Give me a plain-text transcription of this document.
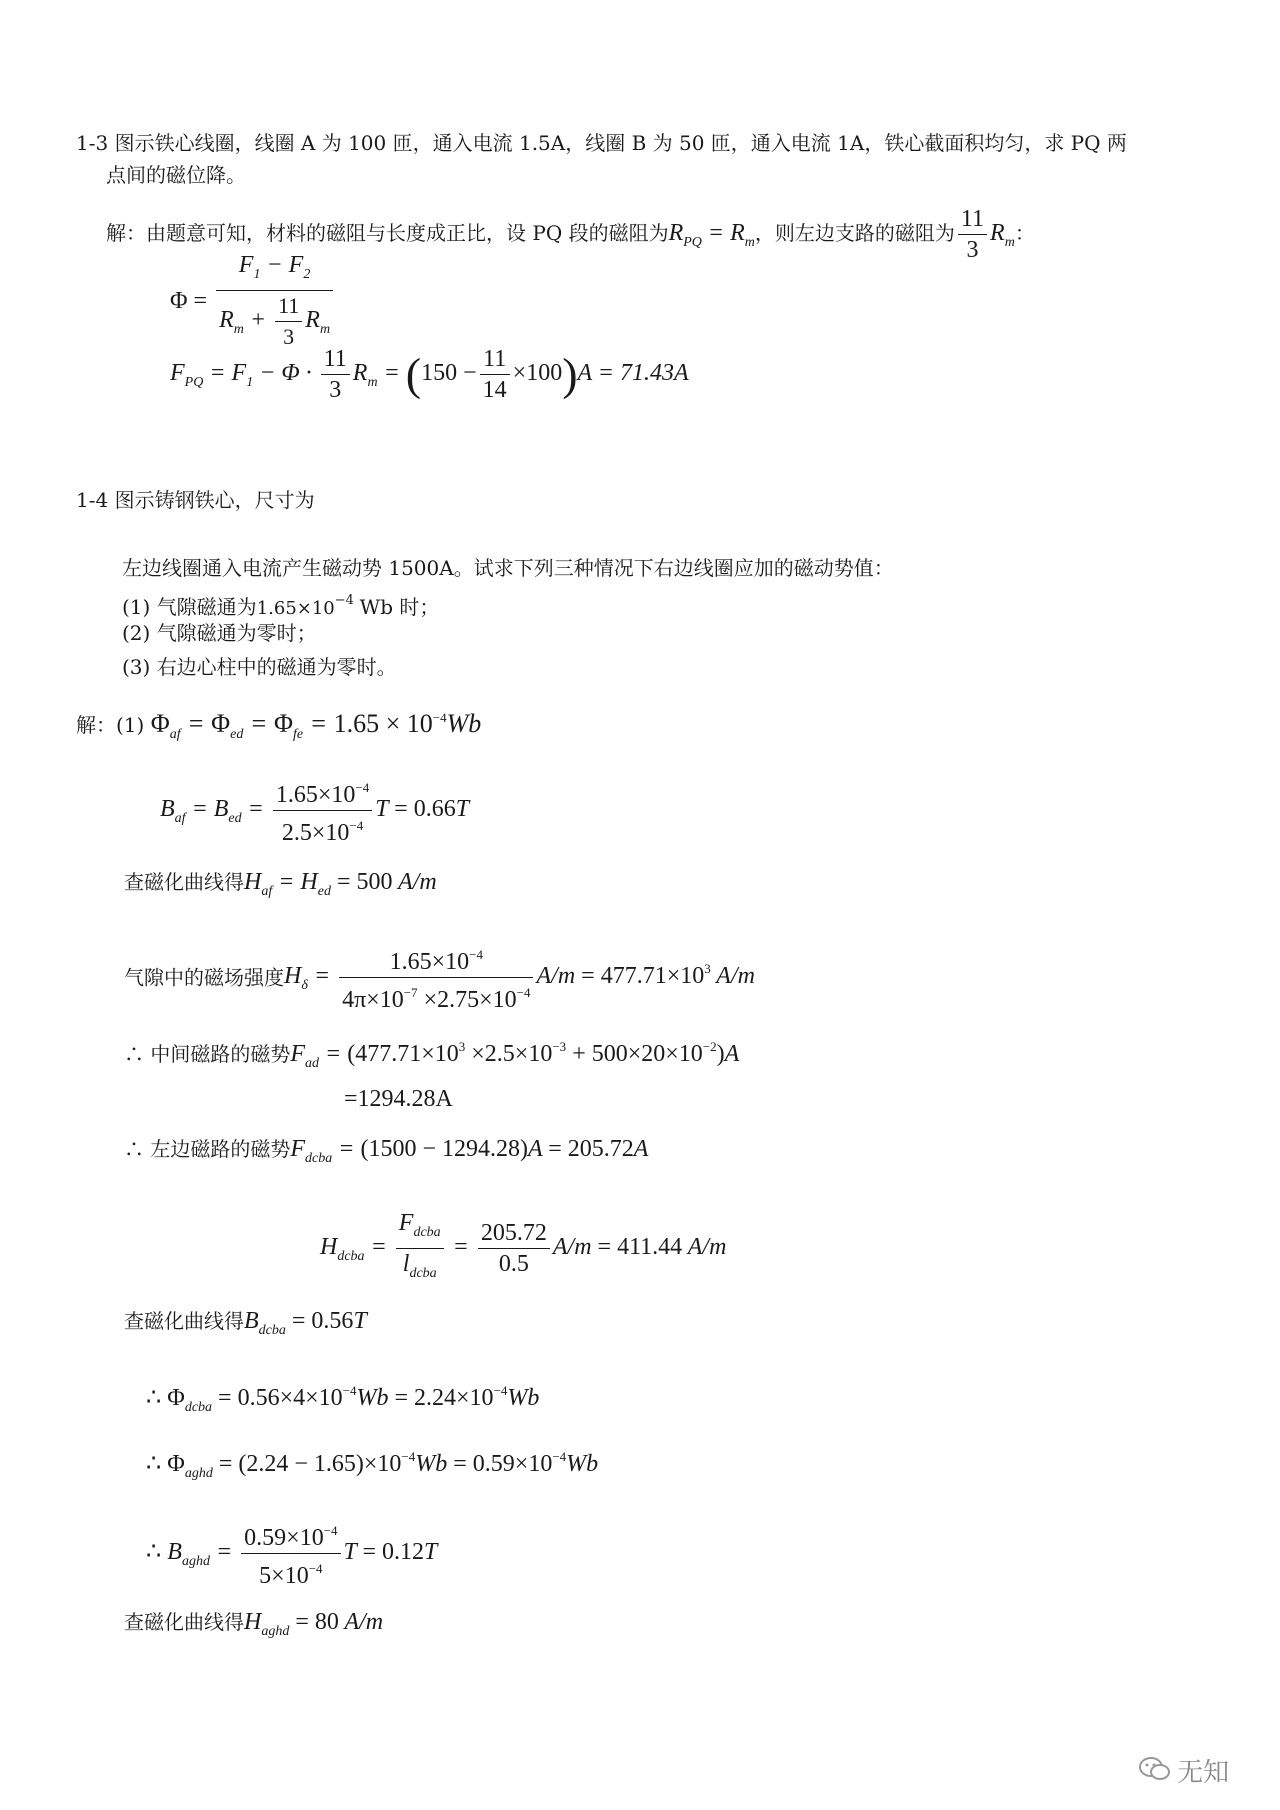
1-3 图示铁心线圈，线圈 A 为 100 匝，通入电流 1.5A，线圈 B 为 50 匝，通入电流 1A，铁心截面积均匀，求 PQ 两
点间的磁位降。
解：由题意可知，材料的磁阻与长度成正比，设 PQ 段的磁阻为$R_{PQ} = R_m$，则左边支路的磁阻为 $\frac{11}{3} R_m$：
$\Phi = \frac{F_1 - F_2}{R_m + \frac{11}{3} R_m}$
$F_{PQ} = F_1 - \Phi \cdot \frac{11}{3} R_m = (150 - \frac{11}{14} \times 100)A = 71.43A$
1-4 图示铸钢铁心，尺寸为
左边线圈通入电流产生磁动势 1500A。试求下列三种情况下右边线圈应加的磁动势值：
(1) 气隙磁通为$1.65\times 10^{-4}$ Wb 时；
(2) 气隙磁通为零时；
(3) 右边心柱中的磁通为零时。
解：(1) $\Phi_{af} = \Phi_{ed} = \Phi_{fe} = 1.65 \times 10^{-4}Wb$
$B_{af} = B_{ed} = \frac{1.65\times 10^{-4}}{2.5\times 10^{-4}}$ T = 0.66T
查磁化曲线得$H_{af} = H_{ed} = 500$ A/m
气隙中的磁场强度$H_\delta = \frac{1.65\times 10^{-4}}{4\pi\times 10^{-7} \times 2.75\times 10^{-4}} A/m = 477.71\times 10^3$ A/m
∴ 中间磁路的磁势$F_{ad} = (477.71\times 10^3 \times 2.5\times 10^{-3} + 500\times 20\times 10^{-2})A$
=1294.28A
∴ 左边磁路的磁势$F_{dcba} = (1500 - 1294.28)A = 205.72A$
$H_{dcba} = \frac{F_{dcba}}{l_{dcba}} = \frac{205.72}{0.5} A/m = 411.44$ A/m
查磁化曲线得$B_{dcba} = 0.56T$
∴ $\Phi_{dcba} = 0.56\times 4\times 10^{-4}Wb = 2.24\times 10^{-4}Wb$
∴ $\Phi_{aghd} = (2.24 - 1.65)\times 10^{-4}Wb = 0.59\times 10^{-4}Wb$
∴ $B_{aghd} = \frac{0.59\times 10^{-4}}{5\times 10^{-4}}$ T = 0.12T
查磁化曲线得$H_{aghd} = 80$ A/m
无知
